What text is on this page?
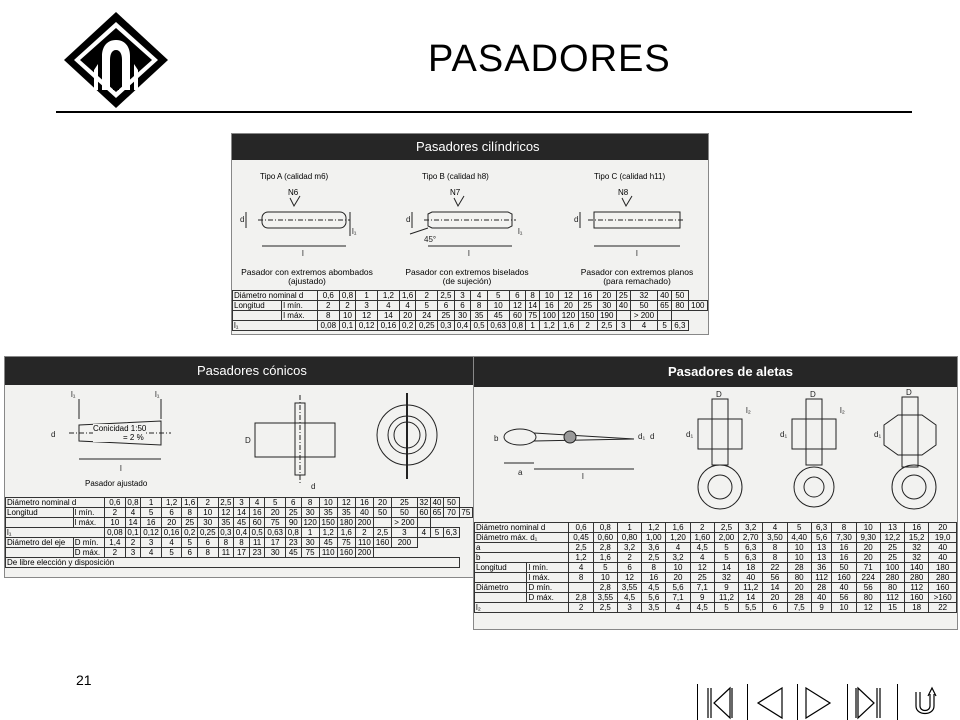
PASADORES
Pasadores cilíndricos
Tipo A (calidad m6)	Tipo B (calidad h8)	Tipo C (calidad h11)
N6	N7	N8
d
l
l₁
d
l
l₁
45°
d
l
Pasador con extremos abombados
(ajustado)
Pasador con extremos biselados
(de sujeción)
Pasador con extremos planos
(para remachado)
Diámetro nominal d		0,6	0,8	1	1,2	1,6	2	2,5	3	4	5	6	8	10	12	16	20	25	32	40	50	
Longitud	l mín.	2	2	3	4	4	5	6	6	8	10	12	14	16	20	25	30	40	50	65	80	100
	l máx.	8	10	12	14	20	24	25	30	35	45	60	75	100	120	150	190		> 200			
l₁		0,08	0,1	0,12	0,16	0,2	0,25	0,3	0,4	0,5	0,63	0,8	1	1,2	1,6	2	2,5	3	4	5	6,3	
Pasadores cónicos
l₁	l₁
d
l
D
d
Conicidad 1:50
= 2 %
Pasador ajustado
Diámetro nominal d		0,6	0,8	1	1,2	1,6	2	2,5	3	4	5	6	8	10	12	16	20	25	32	40	50	
Longitud	l mín.	2	4	5	6	8	10	12	14	16	20	25	30	35	35	40	50	50	60	65	70	75
	l máx.	10	14	16	20	25	30	35	45	60	75	90	120	150	180	200		> 200				
l₁		0,08	0,1	0,12	0,16	0,2	0,25	0,3	0,4	0,5	0,63	0,8	1	1,2	1,6	2	2,5	3	4	5	6,3	
Diámetro del eje	D mín.	1,4	2	3	4	5	6	8	8	11	17	23	30	45	75	110	160	200				
	D máx.	2	3	4	5	6	8	11	17	23	30	45	75	110	160	200						
De libre elección y disposición																						
Pasadores de aletas
b
a	l
d₁ d
D
d₁
l₂
D
d₁
l₂
D
d₁
Diámetro nominal d		0,6	0,8	1	1,2	1,6	2	2,5	3,2	4	5	6,3	8	10	13	16	20
Diámetro máx. d₁		0,45	0,60	0,80	1,00	1,20	1,60	2,00	2,70	3,50	4,40	5,6	7,30	9,30	12,2	15,2	19,0
a		2,5	2,8	3,2	3,6	4	4,5	5	6,3	8	10	13	16	20	25	32	40
b		1,2	1,6	2	2,5	3,2	4	5	6,3	8	10	13	16	20	25	32	40
Longitud	l mín.	4	5	6	8	10	12	14	18	22	28	36	50	71	100	140	180
	l máx.	8	10	12	16	20	25	32	40	56	80	112	160	224	280	280	280
Diámetro	D mín.		2,8	3,55	4,5	5,6	7,1	9	11,2	14	20	28	40	56	80	112	160
	D máx.	2,8	3,55	4,5	5,6	7,1	9	11,2	14	20	28	40	56	80	112	160	>160
l₂		2	2,5	3	3,5	4	4,5	5	5,5	6	7,5	9	10	12	15	18	22
21
